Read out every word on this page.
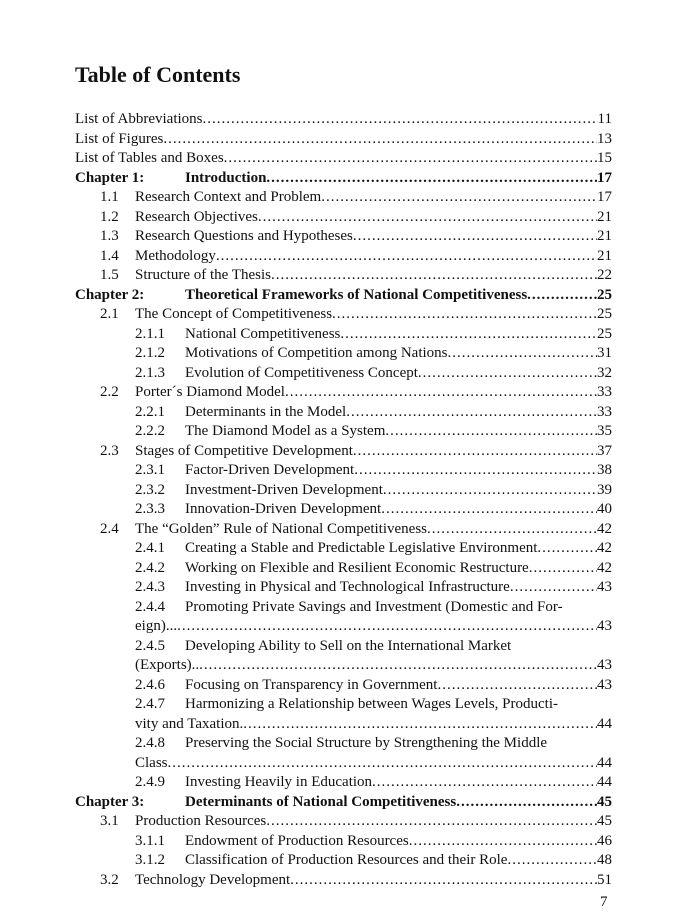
Table of Contents
List of Abbreviations .....	11
List of Figures .....	13
List of Tables and Boxes .....	15
Chapter 1:	Introduction .....	17
1.1	Research Context and Problem .....	17
1.2	Research Objectives .....	21
1.3	Research Questions and Hypotheses .....	21
1.4	Methodology .....	21
1.5	Structure of the Thesis .....	22
Chapter 2:	Theoretical Frameworks of National Competitiveness .....	25
2.1	The Concept of Competitiveness .....	25
2.1.1	National Competitiveness .....	25
2.1.2	Motivations of Competition among Nations .....	31
2.1.3	Evolution of Competitiveness Concept .....	32
2.2	Porter´s Diamond Model .....	33
2.2.1	Determinants in the Model .....	33
2.2.2	The Diamond Model as a System .....	35
2.3	Stages of Competitive Development .....	37
2.3.1	Factor-Driven Development .....	38
2.3.2	Investment-Driven Development .....	39
2.3.3	Innovation-Driven Development .....	40
2.4	The “Golden” Rule of National Competitiveness .....	42
2.4.1	Creating a Stable and Predictable Legislative Environment .....	42
2.4.2	Working on Flexible and Resilient Economic Restructure .....	42
2.4.3	Investing in Physical and Technological Infrastructure .....	43
2.4.4	Promoting Private Savings and Investment (Domestic and For-
eign)... .....	43
2.4.5	Developing Ability to Sell on the International Market
(Exports).. .....	43
2.4.6	Focusing on Transparency in Government .....	43
2.4.7	Harmonizing a Relationship between Wages Levels, Producti-
vity and Taxation. .....	44
2.4.8	Preserving the Social Structure by Strengthening the Middle
Class .....	44
2.4.9	Investing Heavily in Education .....	44
Chapter 3:	Determinants of National Competitiveness .....	45
3.1	Production Resources .....	45
3.1.1	Endowment of Production Resources .....	46
3.1.2	Classification of Production Resources and their Role .....	48
3.2	Technology Development .....	51
7
